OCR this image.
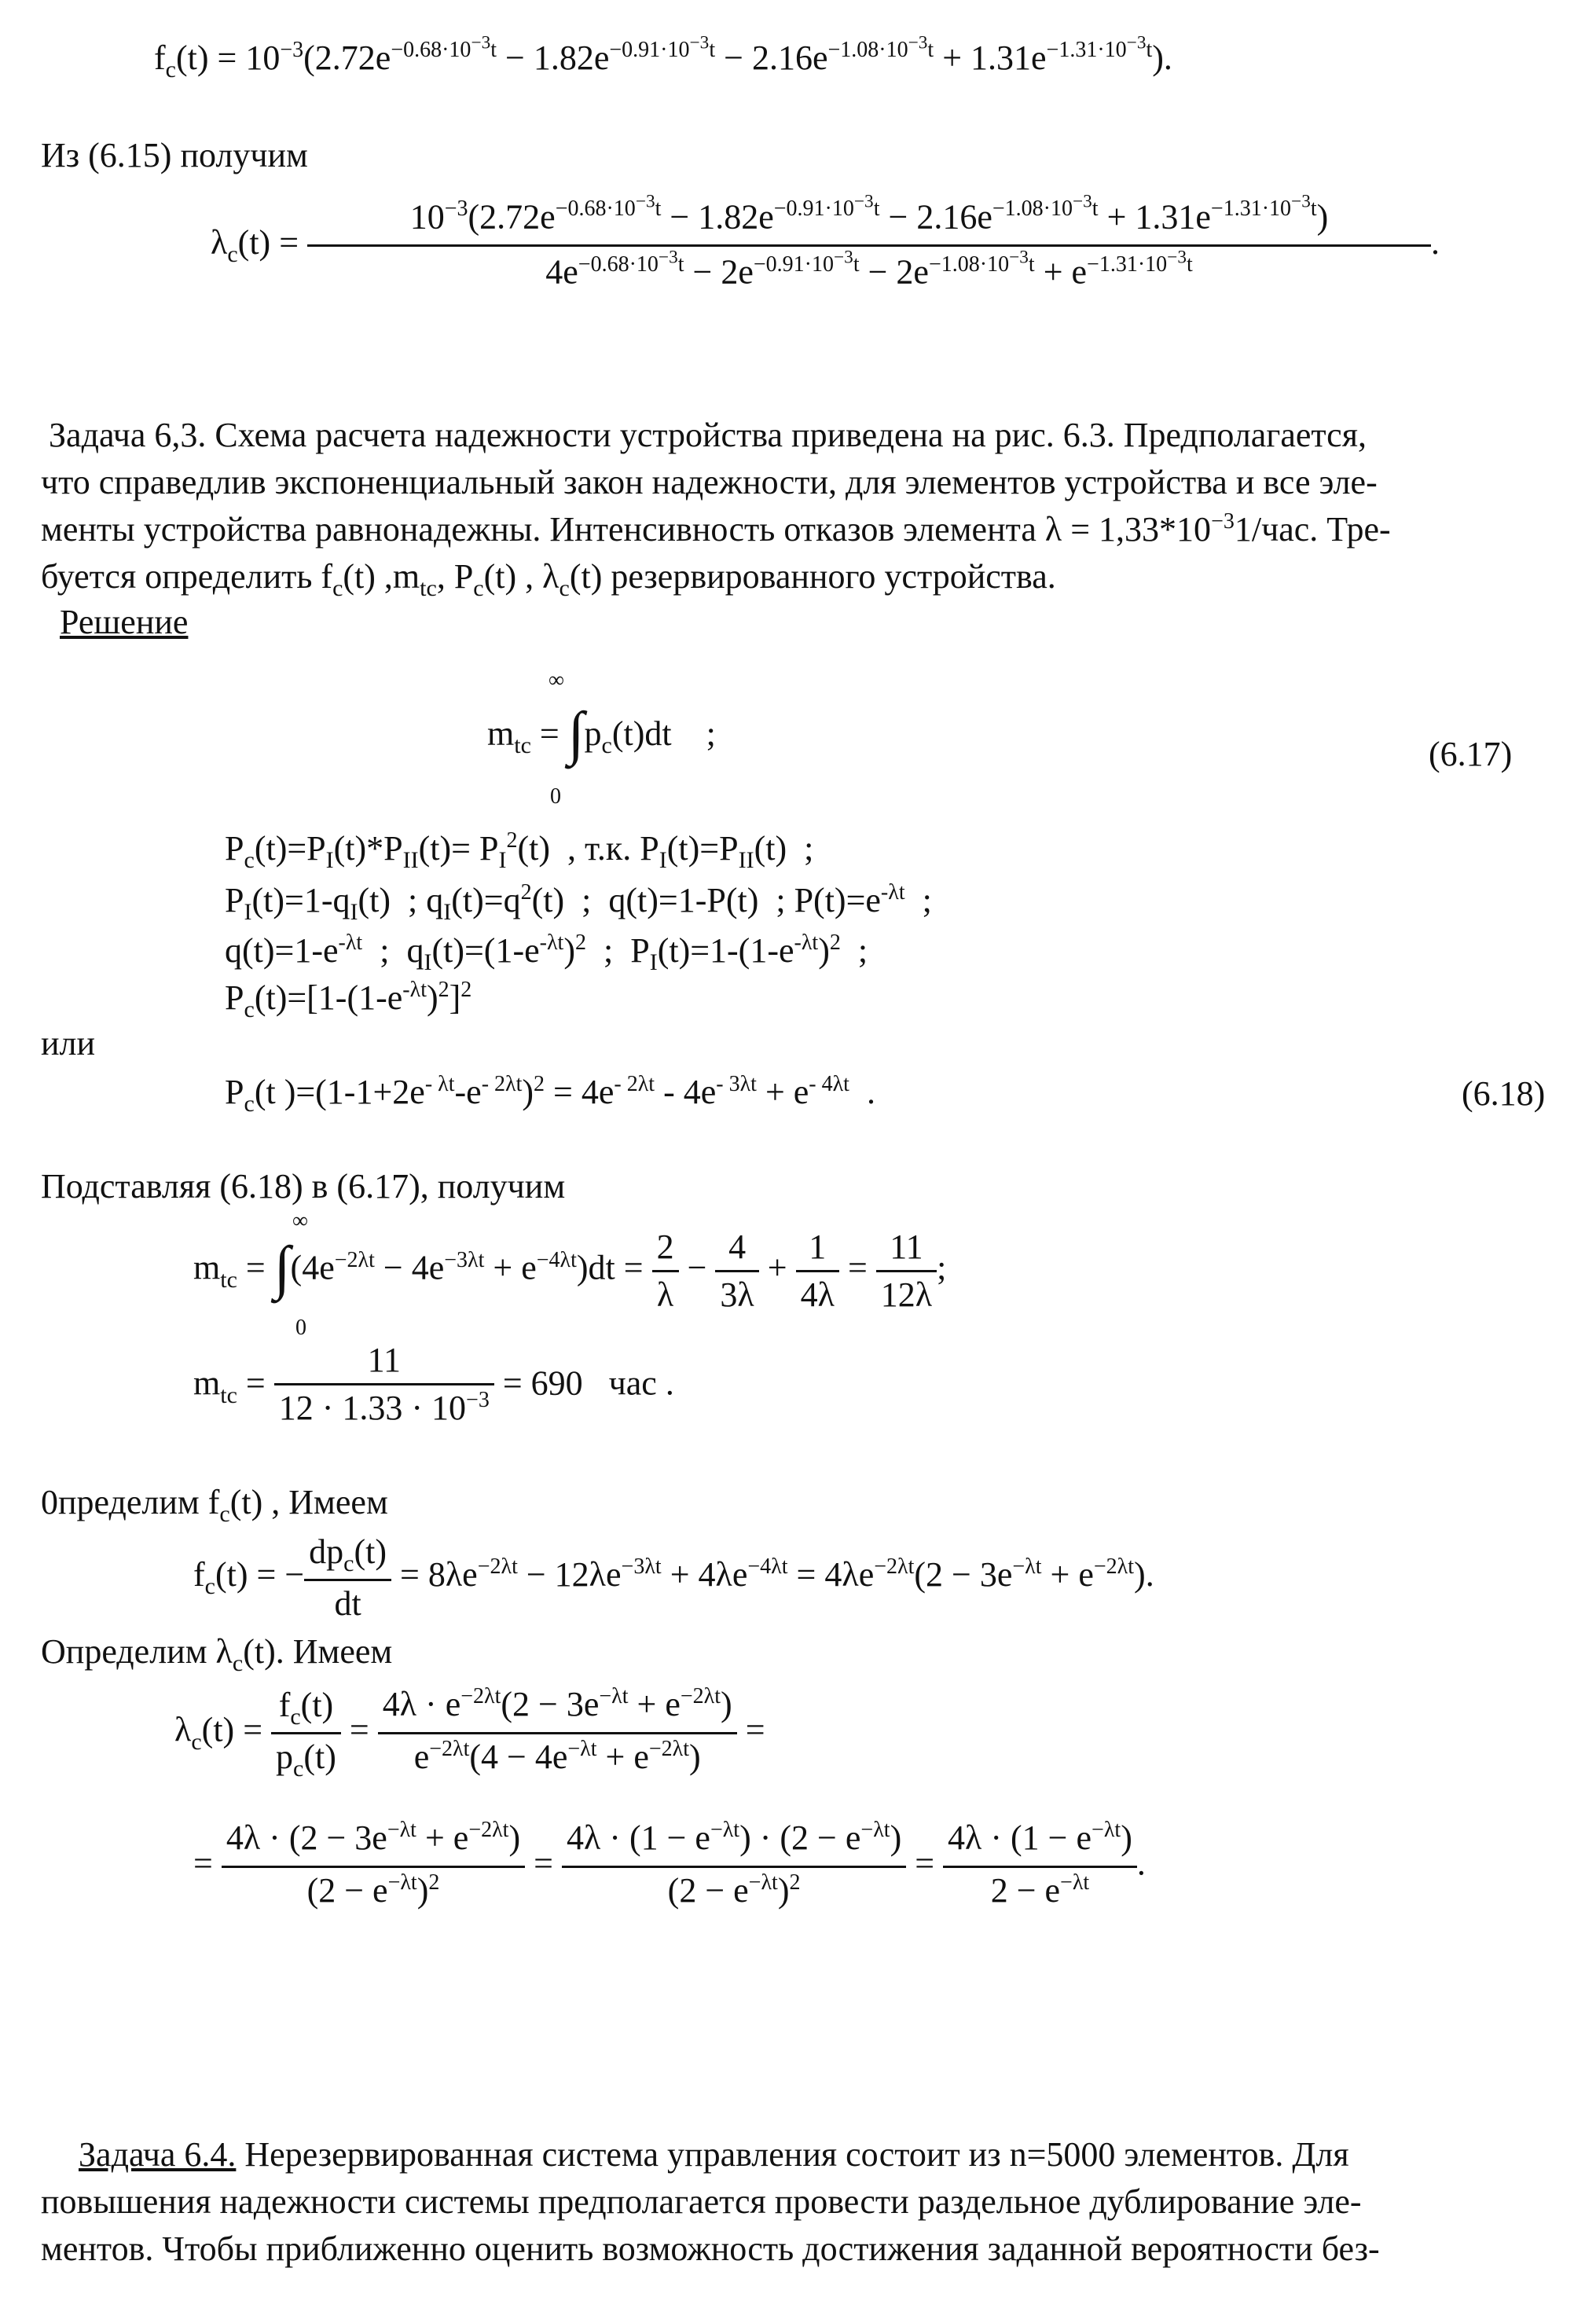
$f_c(t) = 10^{-3}(2.72e^{-0.68\cdot 10^{-3}t} - 1.82e^{-0.91\cdot 10^{-3}t} - 2.16e^{-1.08\cdot 10^{-3}t} + 1.31e^{-1.31\cdot 10^{-3}t})$.
Из (6.15) получим
$\lambda_c(t)$ =
$10^{-3}(2.72e^{-0.68\cdot 10^{-3}t} - 1.82e^{-0.91\cdot 10^{-3}t} - 2.16e^{-1.08\cdot 10^{-3}t} + 1.31e^{-1.31\cdot 10^{-3}t})$
$4e^{-0.68\cdot 10^{-3}t} - 2e^{-0.91\cdot 10^{-3}t} - 2e^{-1.08\cdot 10^{-3}t} + e^{-1.31\cdot 10^{-3}t}$
.
Задача 6,3. Схема расчета надежности устройства приведена на рис. 6.3. Предполагается,
что справедлив экспоненциальный закон надежности, для элементов устройства и все эле-
менты устройства равнонадежны. Интенсивность отказов элемента $\lambda = 1,33*10^{-3}1$/час. Тре-
буется определить $f_c(t)$ $,m_{tc}$, $P_c(t)$ , $\lambda_c(t)$ резервированного устройства.
Решение
$m_{tc} = \int p_c(t)dt$    ;
∞
0
(6.17)
$P_c(t)=P_I(t)*P_{II}(t)= P_I^2(t)$  , т.к. $P_I(t)=P_{II}(t)$  ;
$P_I(t)=1-q_I(t)$  ; $q_I(t)=q^2(t)$  ;  q(t)=1-P(t)  ; $P(t)=e^{-\lambda t}$  ;
$q(t)=1-e^{-\lambda t}$  ;  $q_I(t)=(1-e^{-\lambda t})^2$  ;  $P_I(t)=1-(1-e^{-\lambda t})^2$  ;
$P_c(t)=[1-(1-e^{-\lambda t})^2]^2$
или
$P_c(t$ )$=(1-1+2e^{- \lambda t}-e^{- 2\lambda t})^2 = 4e^{- 2\lambda t} - 4e^{- 3\lambda t} + e^{- 4\lambda t}$  .	(6.18)
Подставляя (6.18) в (6.17), получим
$m_{tc} = \int(4e^{-2\lambda t} - 4e^{-3\lambda t} + e^{-4\lambda t})dt = \frac{2}{\lambda} - \frac{4}{3\lambda} + \frac{1}{4\lambda} = \frac{11}{12\lambda}$ ;
∞
0
$m_{tc} = \frac{11}{12 \cdot 1.33 \cdot 10^{-3}} = 690$   час .
0пределим $f_c(t)$ , Имеем
$f_c(t)$ = − $\frac{dp_c(t)}{dt} = 8\lambda e^{-2\lambda t} - 12\lambda e^{-3\lambda t} + 4\lambda e^{-4\lambda t} = 4\lambda e^{-2\lambda t}(2 - 3e^{-\lambda t} + e^{-2\lambda t})$.
Определим $\lambda_c(t)$. Имеем
$\lambda_c(t) = \frac{f_c(t)}{p_c(t)} = \frac{4\lambda \cdot e^{-2\lambda t}(2 - 3e^{-\lambda t} + e^{-2\lambda t})}{e^{-2\lambda t}(4 - 4e^{-\lambda t} + e^{-2\lambda t})}$ =
= $\frac{4\lambda \cdot (2 - 3e^{-\lambda t} + e^{-2\lambda t})}{(2 - e^{-\lambda t})^2} = \frac{4\lambda \cdot (1 - e^{-\lambda t}) \cdot (2 - e^{-\lambda t})}{(2 - e^{-\lambda t})^2} = \frac{4\lambda \cdot (1 - e^{-\lambda t})}{2 - e^{-\lambda t}}$ .
Задача 6.4. Нерезервированная система управления состоит из n=5000 элементов. Для
повышения надежности системы предполагается провести раздельное дублирование эле-
ментов. Чтобы приближенно оценить возможность достижения заданной вероятности без-
